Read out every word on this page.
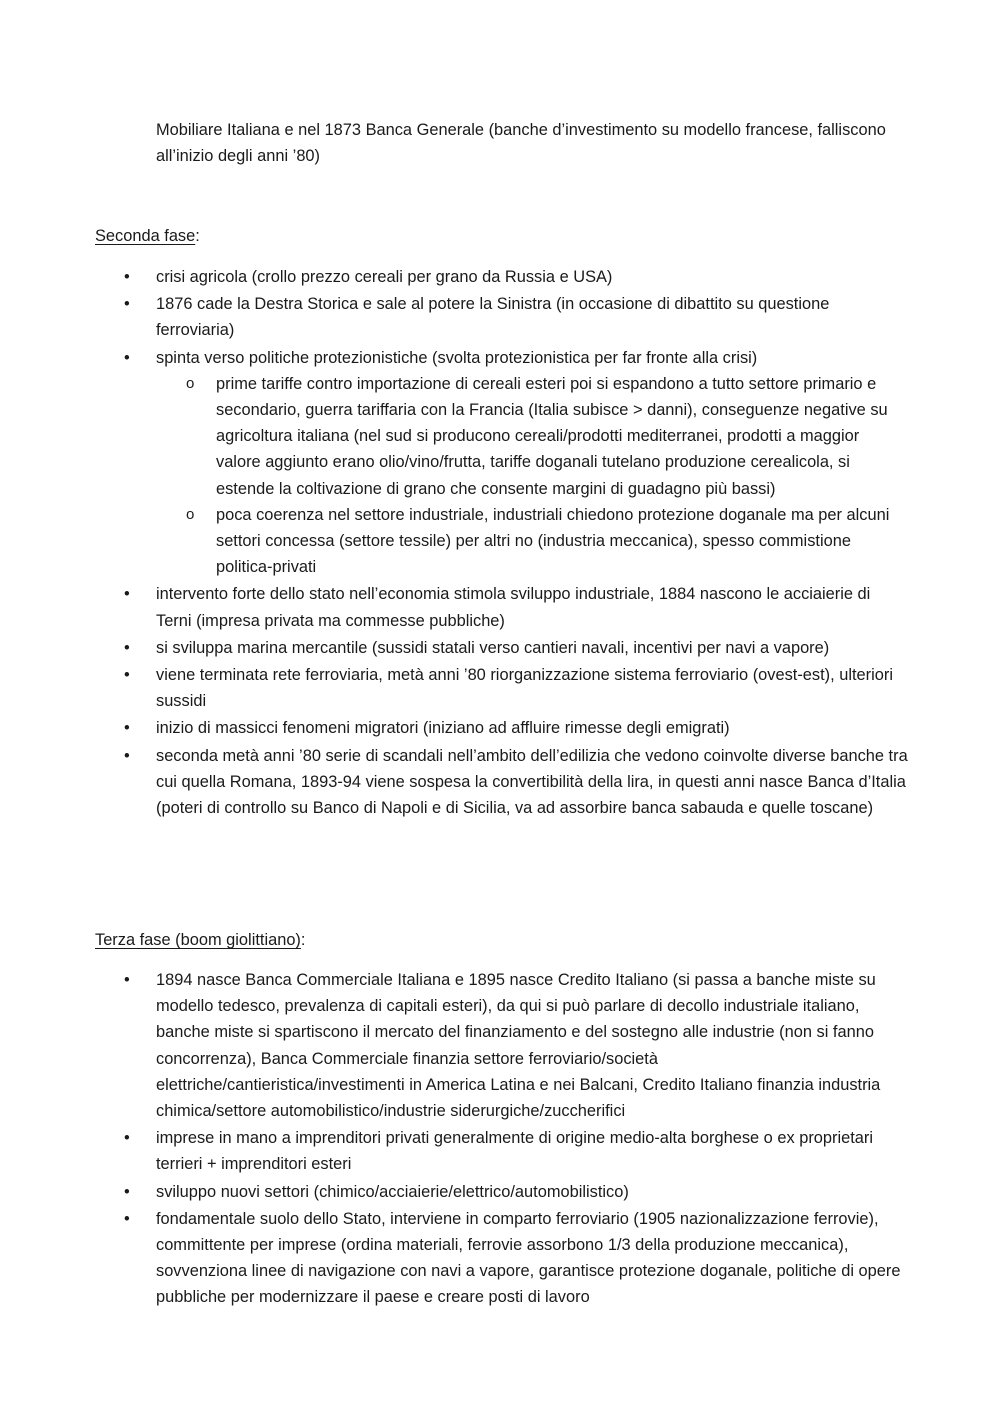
Mobiliare Italiana e nel 1873 Banca Generale (banche d’investimento su modello francese, falliscono all’inizio degli anni ’80)
Seconda fase:
• crisi agricola (crollo prezzo cereali per grano da Russia e USA)
• 1876 cade la Destra Storica e sale al potere la Sinistra (in occasione di dibattito su questione ferroviaria)
• spinta verso politiche protezionistiche (svolta protezionistica per far fronte alla crisi)
o prime tariffe contro importazione di cereali esteri poi si espandono a tutto settore primario e secondario, guerra tariffaria con la Francia (Italia subisce > danni), conseguenze negative su agricoltura italiana (nel sud si producono cereali/prodotti mediterranei, prodotti a maggior valore aggiunto erano olio/vino/frutta, tariffe doganali tutelano produzione cerealicola, si estende la coltivazione di grano che consente margini di guadagno più bassi)
o poca coerenza nel settore industriale, industriali chiedono protezione doganale ma per alcuni settori concessa (settore tessile) per altri no (industria meccanica), spesso commistione politica-privati
• intervento forte dello stato nell’economia stimola sviluppo industriale, 1884 nascono le acciaierie di Terni (impresa privata ma commesse pubbliche)
• si sviluppa marina mercantile (sussidi statali verso cantieri navali, incentivi per navi a vapore)
• viene terminata rete ferroviaria, metà anni ’80 riorganizzazione sistema ferroviario (ovest-est), ulteriori sussidi
• inizio di massicci fenomeni migratori (iniziano ad affluire rimesse degli emigrati)
• seconda metà anni ’80 serie di scandali nell’ambito dell’edilizia che vedono coinvolte diverse banche tra cui quella Romana, 1893-94 viene sospesa la convertibilità della lira, in questi anni nasce Banca d’Italia (poteri di controllo su Banco di Napoli e di Sicilia, va ad assorbire banca sabauda e quelle toscane)
Terza fase (boom giolittiano):
• 1894 nasce Banca Commerciale Italiana e 1895 nasce Credito Italiano (si passa a banche miste su modello tedesco, prevalenza di capitali esteri), da qui si può parlare di decollo industriale italiano, banche miste si spartiscono il mercato del finanziamento e del sostegno alle industrie (non si fanno concorrenza), Banca Commerciale finanzia settore ferroviario/società elettriche/cantieristica/investimenti in America Latina e nei Balcani, Credito Italiano finanzia industria chimica/settore automobilistico/industrie siderurgiche/zuccherifici
• imprese in mano a imprenditori privati generalmente di origine medio-alta borghese o ex proprietari terrieri + imprenditori esteri
• sviluppo nuovi settori (chimico/acciaierie/elettrico/automobilistico)
• fondamentale suolo dello Stato, interviene in comparto ferroviario (1905 nazionalizzazione ferrovie), committente per imprese (ordina materiali, ferrovie assorbono 1/3 della produzione meccanica), sovvenziona linee di navigazione con navi a vapore, garantisce protezione doganale, politiche di opere pubbliche per modernizzare il paese e creare posti di lavoro
